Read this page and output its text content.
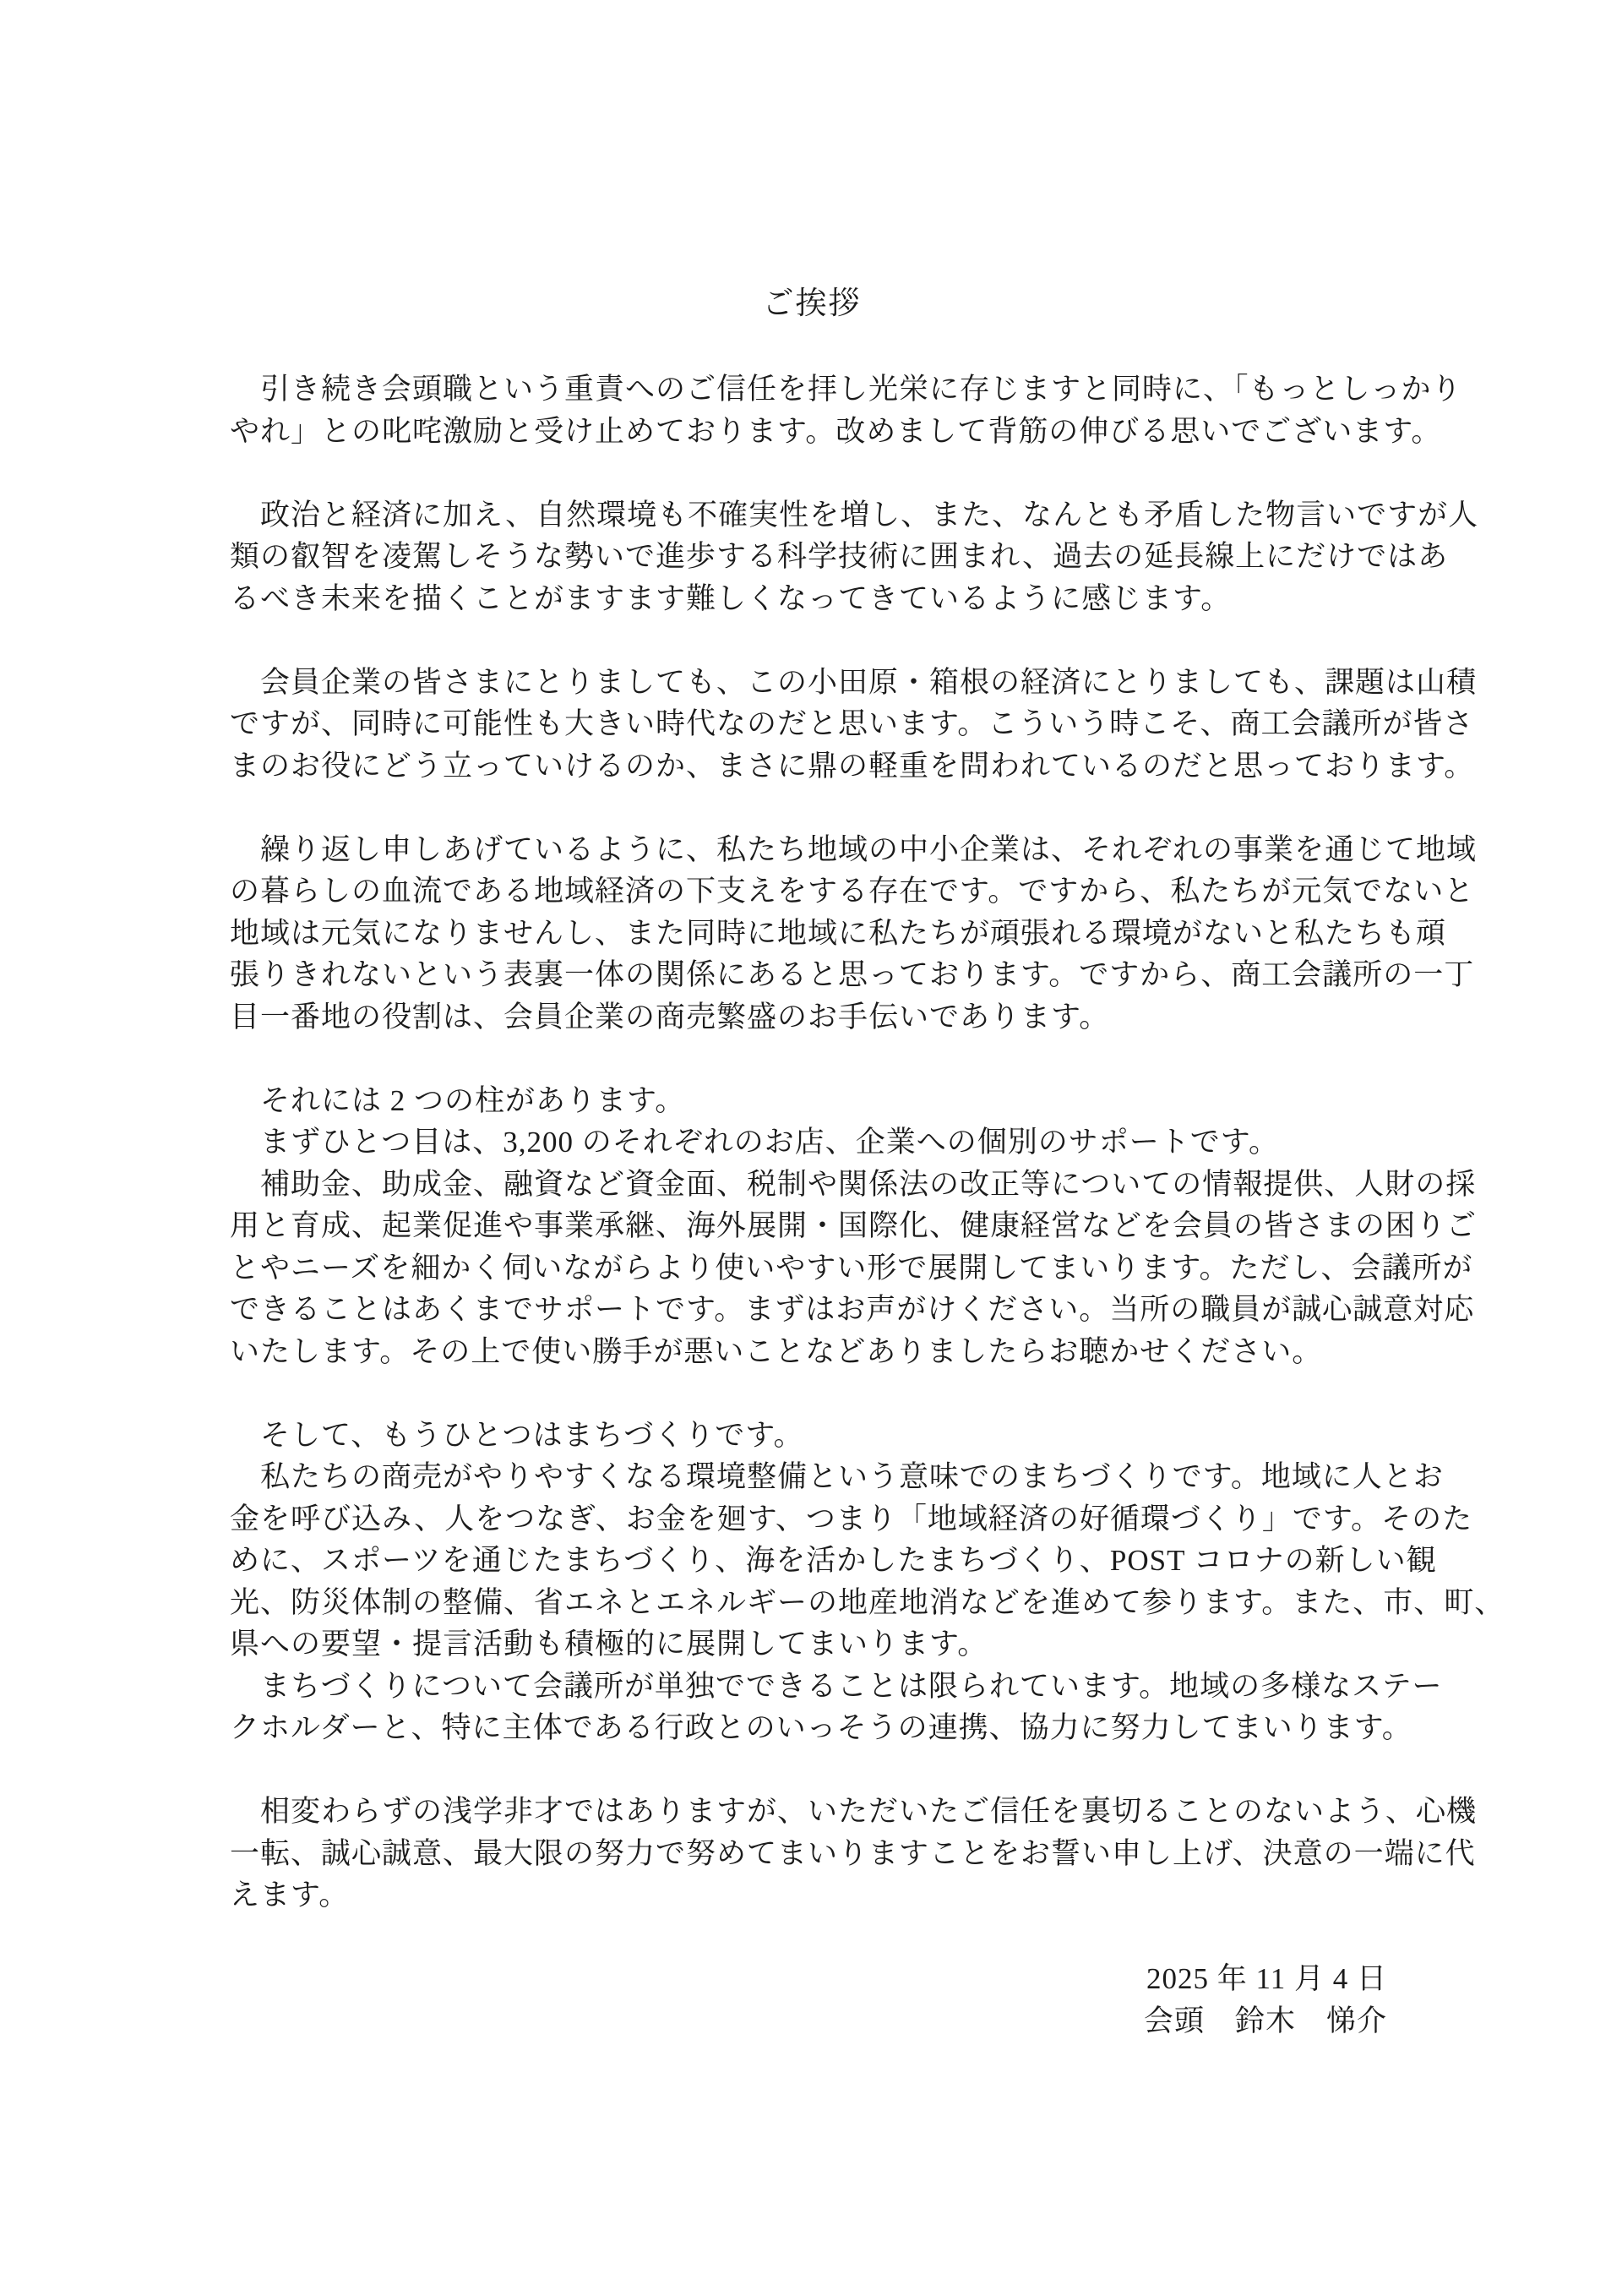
ご挨拶
　引き続き会頭職という重責へのご信任を拝し光栄に存じますと同時に、「もっとしっかり
やれ」との叱咤激励と受け止めております。改めまして背筋の伸びる思いでございます。
　政治と経済に加え、自然環境も不確実性を増し、また、なんとも矛盾した物言いですが人
類の叡智を凌駕しそうな勢いで進歩する科学技術に囲まれ、過去の延長線上にだけではあ
るべき未来を描くことがますます難しくなってきているように感じます。
　会員企業の皆さまにとりましても、この小田原・箱根の経済にとりましても、課題は山積
ですが、同時に可能性も大きい時代なのだと思います。こういう時こそ、商工会議所が皆さ
まのお役にどう立っていけるのか、まさに鼎の軽重を問われているのだと思っております。
　繰り返し申しあげているように、私たち地域の中小企業は、それぞれの事業を通じて地域
の暮らしの血流である地域経済の下支えをする存在です。ですから、私たちが元気でないと
地域は元気になりませんし、また同時に地域に私たちが頑張れる環境がないと私たちも頑
張りきれないという表裏一体の関係にあると思っております。ですから、商工会議所の一丁
目一番地の役割は、会員企業の商売繁盛のお手伝いであります。
　それには 2 つの柱があります。
　まずひとつ目は、3,200 のそれぞれのお店、企業への個別のサポートです。
　補助金、助成金、融資など資金面、税制や関係法の改正等についての情報提供、人財の採
用と育成、起業促進や事業承継、海外展開・国際化、健康経営などを会員の皆さまの困りご
とやニーズを細かく伺いながらより使いやすい形で展開してまいります。ただし、会議所が
できることはあくまでサポートです。まずはお声がけください。当所の職員が誠心誠意対応
いたします。その上で使い勝手が悪いことなどありましたらお聴かせください。
　そして、もうひとつはまちづくりです。
　私たちの商売がやりやすくなる環境整備という意味でのまちづくりです。地域に人とお
金を呼び込み、人をつなぎ、お金を廻す、つまり「地域経済の好循環づくり」です。そのた
めに、スポーツを通じたまちづくり、海を活かしたまちづくり、POST コロナの新しい観
光、防災体制の整備、省エネとエネルギーの地産地消などを進めて参ります。また、市、町、
県への要望・提言活動も積極的に展開してまいります。
　まちづくりについて会議所が単独でできることは限られています。地域の多様なステー
クホルダーと、特に主体である行政とのいっそうの連携、協力に努力してまいります。
　相変わらずの浅学非才ではありますが、いただいたご信任を裏切ることのないよう、心機
一転、誠心誠意、最大限の努力で努めてまいりますことをお誓い申し上げ、決意の一端に代
えます。
2025 年 11 月 4 日
会頭　鈴木　悌介
